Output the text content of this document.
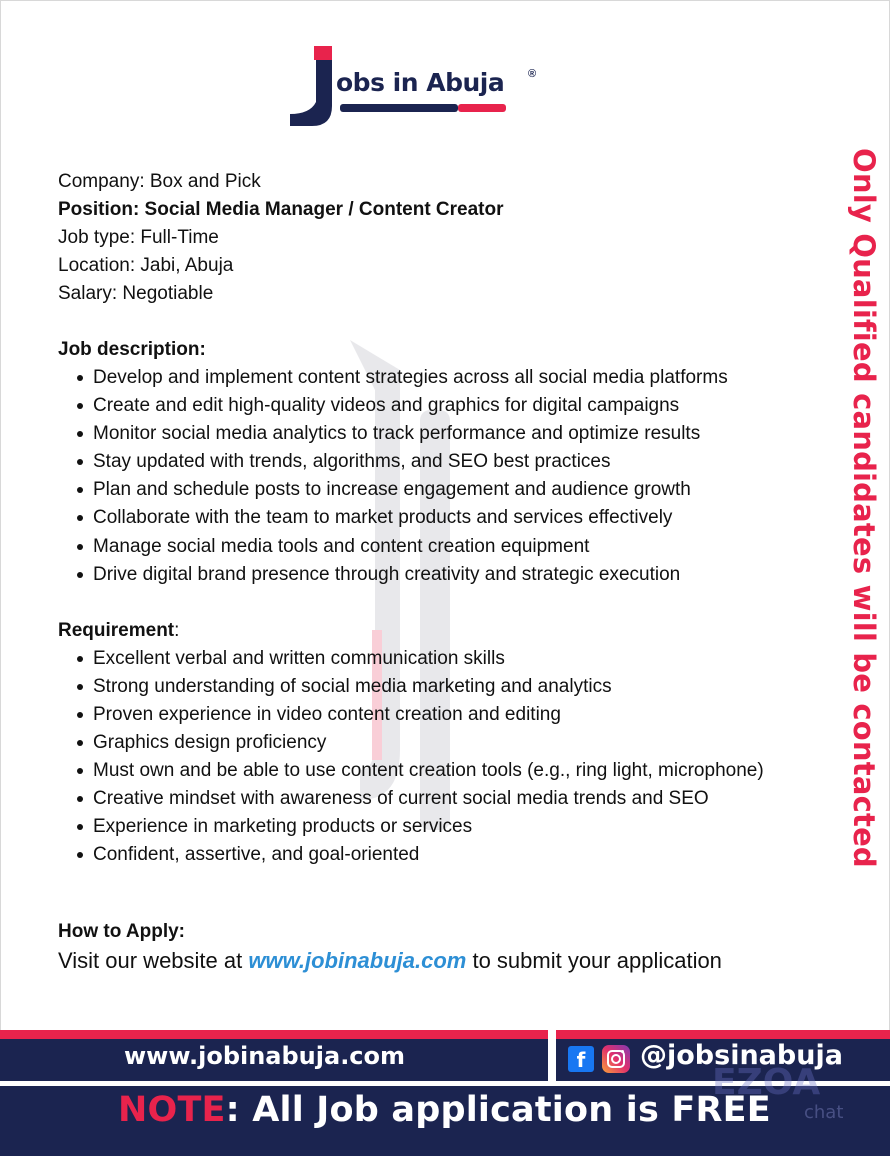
obs in Abuja ®
Company: Box and Pick
Position: Social Media Manager / Content Creator
Job type: Full-Time
Location: Jabi, Abuja
Salary: Negotiable
Job description:
Develop and implement content strategies across all social media platforms
Create and edit high-quality videos and graphics for digital campaigns
Monitor social media analytics to track performance and optimize results
Stay updated with trends, algorithms, and SEO best practices
Plan and schedule posts to increase engagement and audience growth
Collaborate with the team to market products and services effectively
Manage social media tools and content creation equipment
Drive digital brand presence through creativity and strategic execution
Requirement:
Excellent verbal and written communication skills
Strong understanding of social media marketing and analytics
Proven experience in video content creation and editing
Graphics design proficiency
Must own and be able to use content creation tools (e.g., ring light, microphone)
Creative mindset with awareness of current social media trends and SEO
Experience in marketing products or services
Confident, assertive, and goal-oriented
How to Apply:
Visit our website at www.jobinabuja.com to submit your application
Only Qualified candidates will be contacted
www.jobinabuja.com	f	@jobsinabuja
EZOA
chat
NOTE: All Job application is FREE
